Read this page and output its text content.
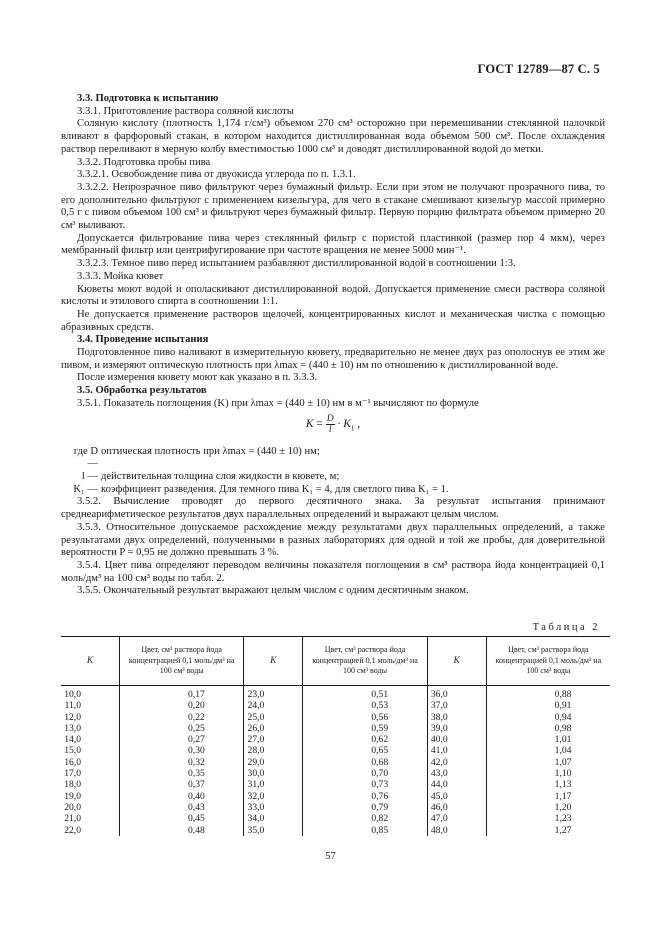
ГОСТ 12789—87 С. 5

3.3. Подготовка к испытанию

3.3.1. Приготовление раствора соляной кислоты

Соляную кислоту (плотность 1,174 г/см³) объемом 270 см³ осторожно при перемешивании стеклянной палочкой вливают в фарфоровый стакан, в котором находится дистиллированная вода объемом 500 см³. После охлаждения раствор переливают в мерную колбу вместимостью 1000 см³ и доводят дистиллированной водой до метки.

3.3.2. Подготовка пробы пива

3.3.2.1. Освобождение пива от двуокисда углерода по п. 1.3.1.

3.3.2.2. Непрозрачное пиво фильтруют через бумажный фильтр. Если при этом не получают прозрачного пива, то его дополнительно фильтруют с применением кизельгура, для чего в стакане смешивают кизельгур массой примерно 0,5 г с пивом объемом 100 см³ и фильтруют через бумажный фильтр. Первую порцию фильтрата объемом примерно 20 см³ выливают.

Допускается фильтрование пива через стеклянный фильтр с пористой пластинкой (размер пор 4 мкм), через мембранный фильтр или центрифугирование при частоте вращения не менее 5000 мин⁻¹.

3.3.2.3. Темное пиво перед испытанием разбавляют дистиллированной водой в соотношении 1:3.

3.3.3. Мойка кювет

Кюветы моют водой и ополаскивают дистиллированной водой. Допускается применение смеси раствора соляной кислоты и этилового спирта в соотношении 1:1.

Не допускается применение растворов щелочей, концентрированных кислот и механическая чистка с помощью абразивных средств.

3.4. Проведение испытания

Подготовленное пиво наливают в измерительную кювету, предварительно не менее двух раз ополоснув ее этим же пивом, и измеряют оптическую плотность при λmax = (440 ± 10) нм по отношению к дистиллированной воде.

После измерения кювету моют как указано в п. 3.3.3.

3.5. Обработка результатов

3.5.1. Показатель поглощения (K) при λmax = (440 ± 10) нм в м⁻¹ вычисляют по формуле

$K = \frac{D}{l} \cdot K_1$ ,
где D —
оптическая плотность при λmax = (440 ± 10) нм;
l — действительная толщина слоя жидкости в кювете, м;
K₁ — коэффициент разведения. Для темного пива K₁ = 4, для светлого пива K₁ = 1.

3.5.2. Вычисление проводят до первого десятичного знака. За результат испытания принимают среднеарифметическое результатов двух параллельных определений и выражают целым числом.

3.5.3. Относительное допускаемое расхождение между результатами двух параллельных определений, а также результатами двух определений, полученными в разных лабораториях для одной и той же пробы, для доверительной вероятности P = 0,95 не должно превышать 3 %.

3.5.4. Цвет пива определяют переводом величины показателя поглощения в см³ раствора йода концентрацией 0,1 моль/дм³ на 100 см³ воды по табл. 2.

3.5.5. Окончательный результат выражают целым числом с одним десятичным знаком.

Таблица 2
K	Цвет, см³ раствора йода концентрацией 0,1 моль/дм³ на 100 см³ воды	K	Цвет, см³ раствора йода концентрацией 0,1 моль/дм³ на 100 см³ воды	K	Цвет, см³ раствора йода концентрацией 0,1 моль/дм³ на 100 см³ воды
10,0	0,17	23,0	0,51	36,0	0,88
11,0	0,20	24,0	0,53	37,0	0,91
12,0	0,22	25,0	0,56	38,0	0,94
13,0	0,25	26,0	0,59	39,0	0,98
14,0	0,27	27,0	0,62	40,0	1,01
15,0	0,30	28,0	0,65	41,0	1,04
16,0	0,32	29,0	0,68	42,0	1,07
17,0	0,35	30,0	0,70	43,0	1,10
18,0	0,37	31,0	0,73	44,0	1,13
19,0	0,40	32,0	0,76	45,0	1,17
20,0	0,43	33,0	0,79	46,0	1,20
21,0	0,45	34,0	0,82	47,0	1,23
22,0	0,48	35,0	0,85	48,0	1,27
57
